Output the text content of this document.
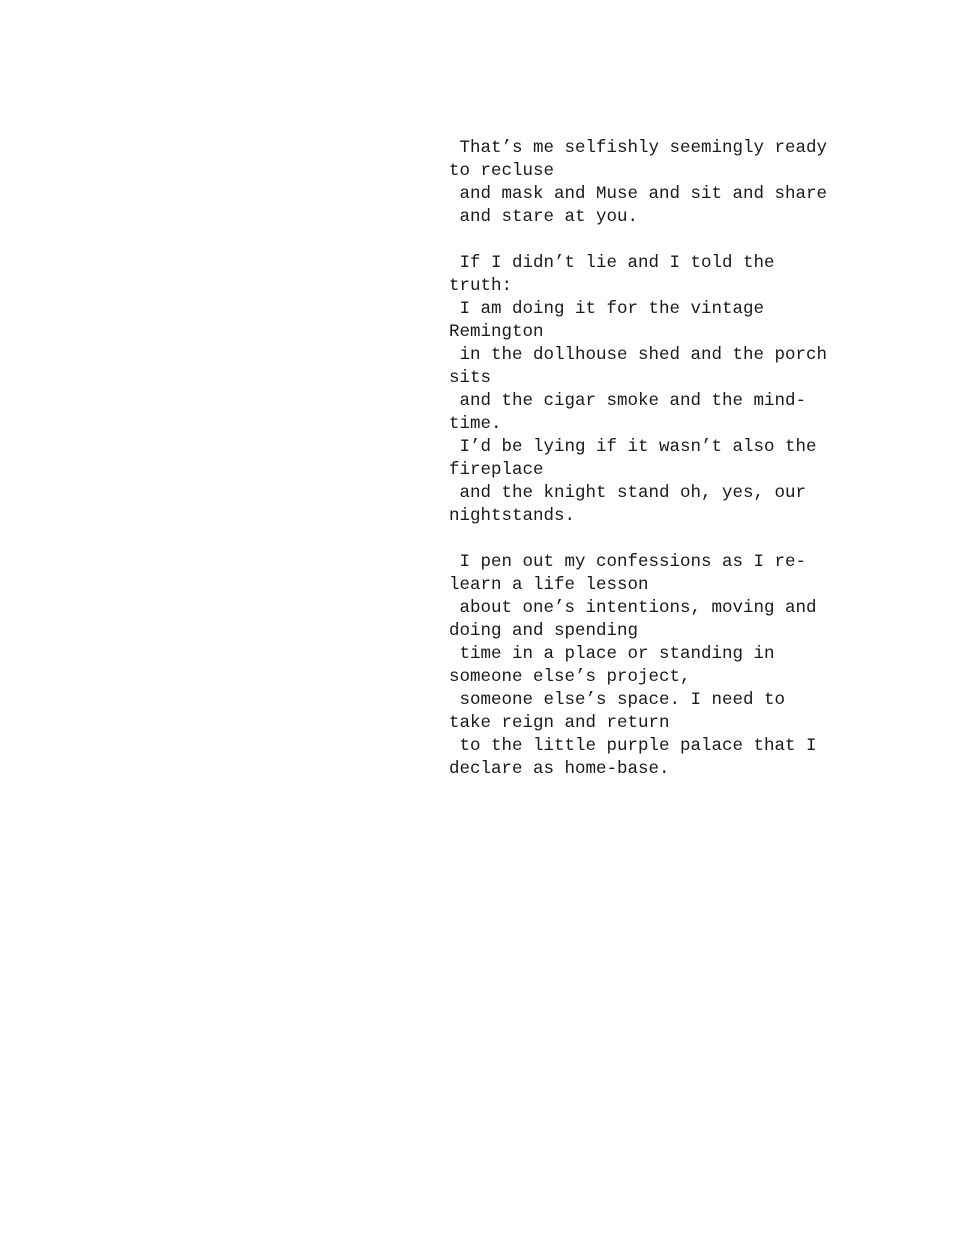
That’s me selfishly seemingly ready
to recluse
and mask and Muse and sit and share
and stare at you.
If I didn’t lie and I told the
truth:
I am doing it for the vintage
Remington
in the dollhouse shed and the porch
sits
and the cigar smoke and the mind-
time.
I’d be lying if it wasn’t also the
fireplace
and the knight stand oh, yes, our
nightstands.
I pen out my confessions as I re-
learn a life lesson
about one’s intentions, moving and
doing and spending
time in a place or standing in
someone else’s project,
someone else’s space. I need to
take reign and return
to the little purple palace that I
declare as home-base.
